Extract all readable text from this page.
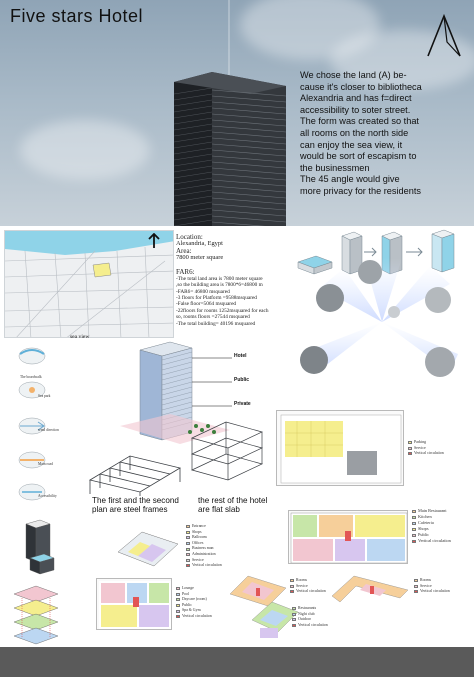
Five stars Hotel

We chose the land (A) be-

cause it's closer to bibliotheca

Alexandria and has f=direct

accessibility to soter street.

The form was created so that

all rooms on the north side

can enjoy the sea view, it

would be sort of escapism to

the businessmen

The 45 angle would give

more privacy for the residents

Location:
Alexandria, Egypt
Area:
7800 meter square
FAR6:
-The total land area is 7800 meter square
,so the building area is 7800*6=46800 m
-FAR6= 46800 msquared
-3 floors for Platform =9588msquared
-False floor=5064 msquared
-22floors for rooms 1252msquared for each
so, rooms floors =27544 msquared
-The total building= 40196 msquared
sea view
The boardwalk
Sea park
wind direction
Main road
Accessibility
Hotel
Public
Private
The first and the second plan are steel frames
the rest of the hotel are flat slab
Parking
Service
Vertical circulation
Main Restaurant
Kitchen
Cafeteria
Shops
Public
Vertical circulation
Entrance
Shops
Ballroom
Offices
Business man
Administration
Service
Vertical circulation
Lounge
Pool
Daycare (room)
Public
Spa & Gym
Vertical circulation
Rooms
Service
Vertical circulation
Restaurants
Night club
Outdoor
Vertical circulation
Rooms
Service
Vertical circulation
